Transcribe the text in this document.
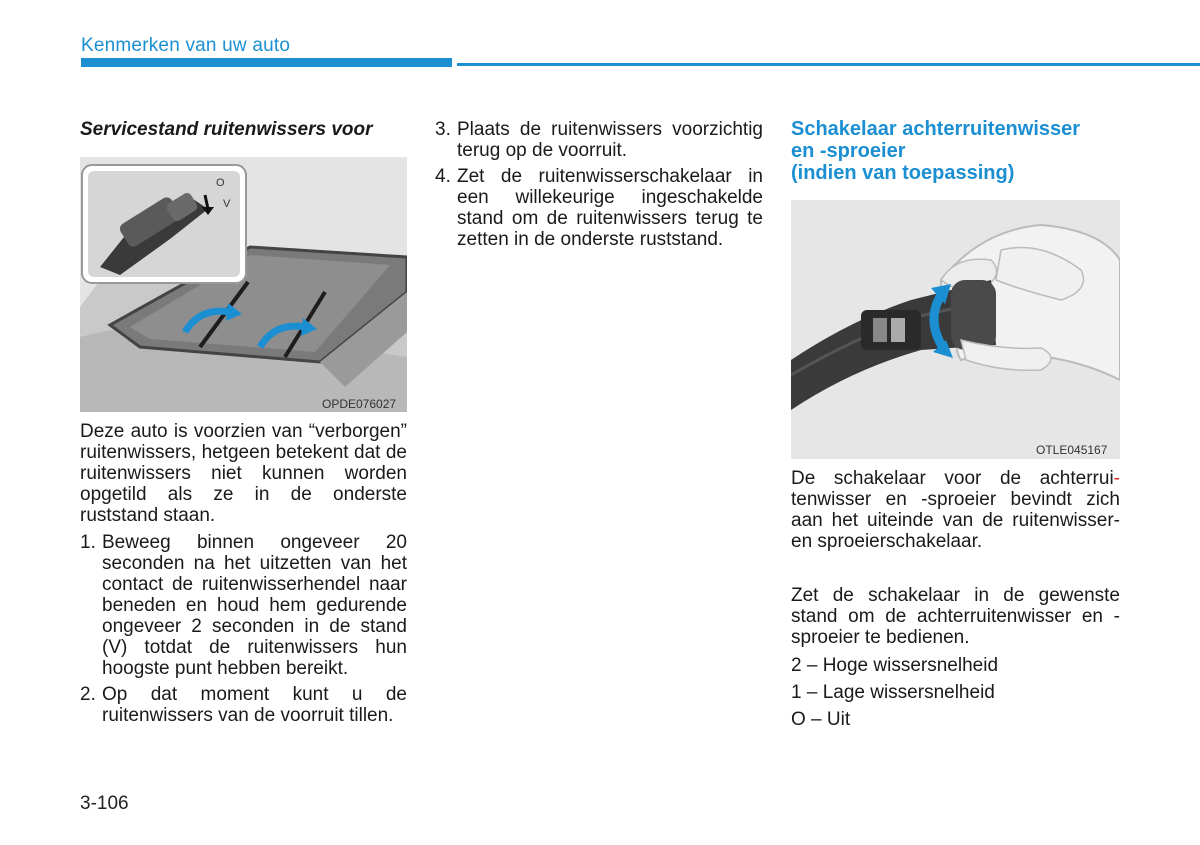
Kenmerken van uw auto
Servicestand ruitenwissers voor
OPDE076027
O
V

Deze auto is voorzien van “verborgen” ruitenwissers, hetgeen betekent dat de ruitenwissers niet kunnen worden opgetild als ze in de onderste ruststand staan.

1. Beweeg binnen ongeveer 20 seconden na het uitzetten van het contact de ruitenwisserhendel naar beneden en houd hem gedurende ongeveer 2 seconden in de stand (V) totdat de ruitenwissers hun hoogste punt hebben bereikt.
2. Op dat moment kunt u de ruitenwissers van de voorruit tillen.
3. Plaats de ruitenwissers voorzichtig terug op de voorruit.
4. Zet de ruitenwisserschakelaar in een willekeurige ingeschakelde stand om de ruitenwissers terug te zetten in de onderste ruststand.
Schakelaar achterruitenwisser
en -sproeier
(indien van toepassing)
OTLE045167

De schakelaar voor de achterrui- tenwisser en -sproeier bevindt zich aan het uiteinde van de ruitenwisser-en sproeierschakelaar.

Zet de schakelaar in de gewenste stand om de achterruitenwisser en -sproeier te bedienen.

2 – Hoge wissersnelheid

1 – Lage wissersnelheid

O – Uit

3-106
